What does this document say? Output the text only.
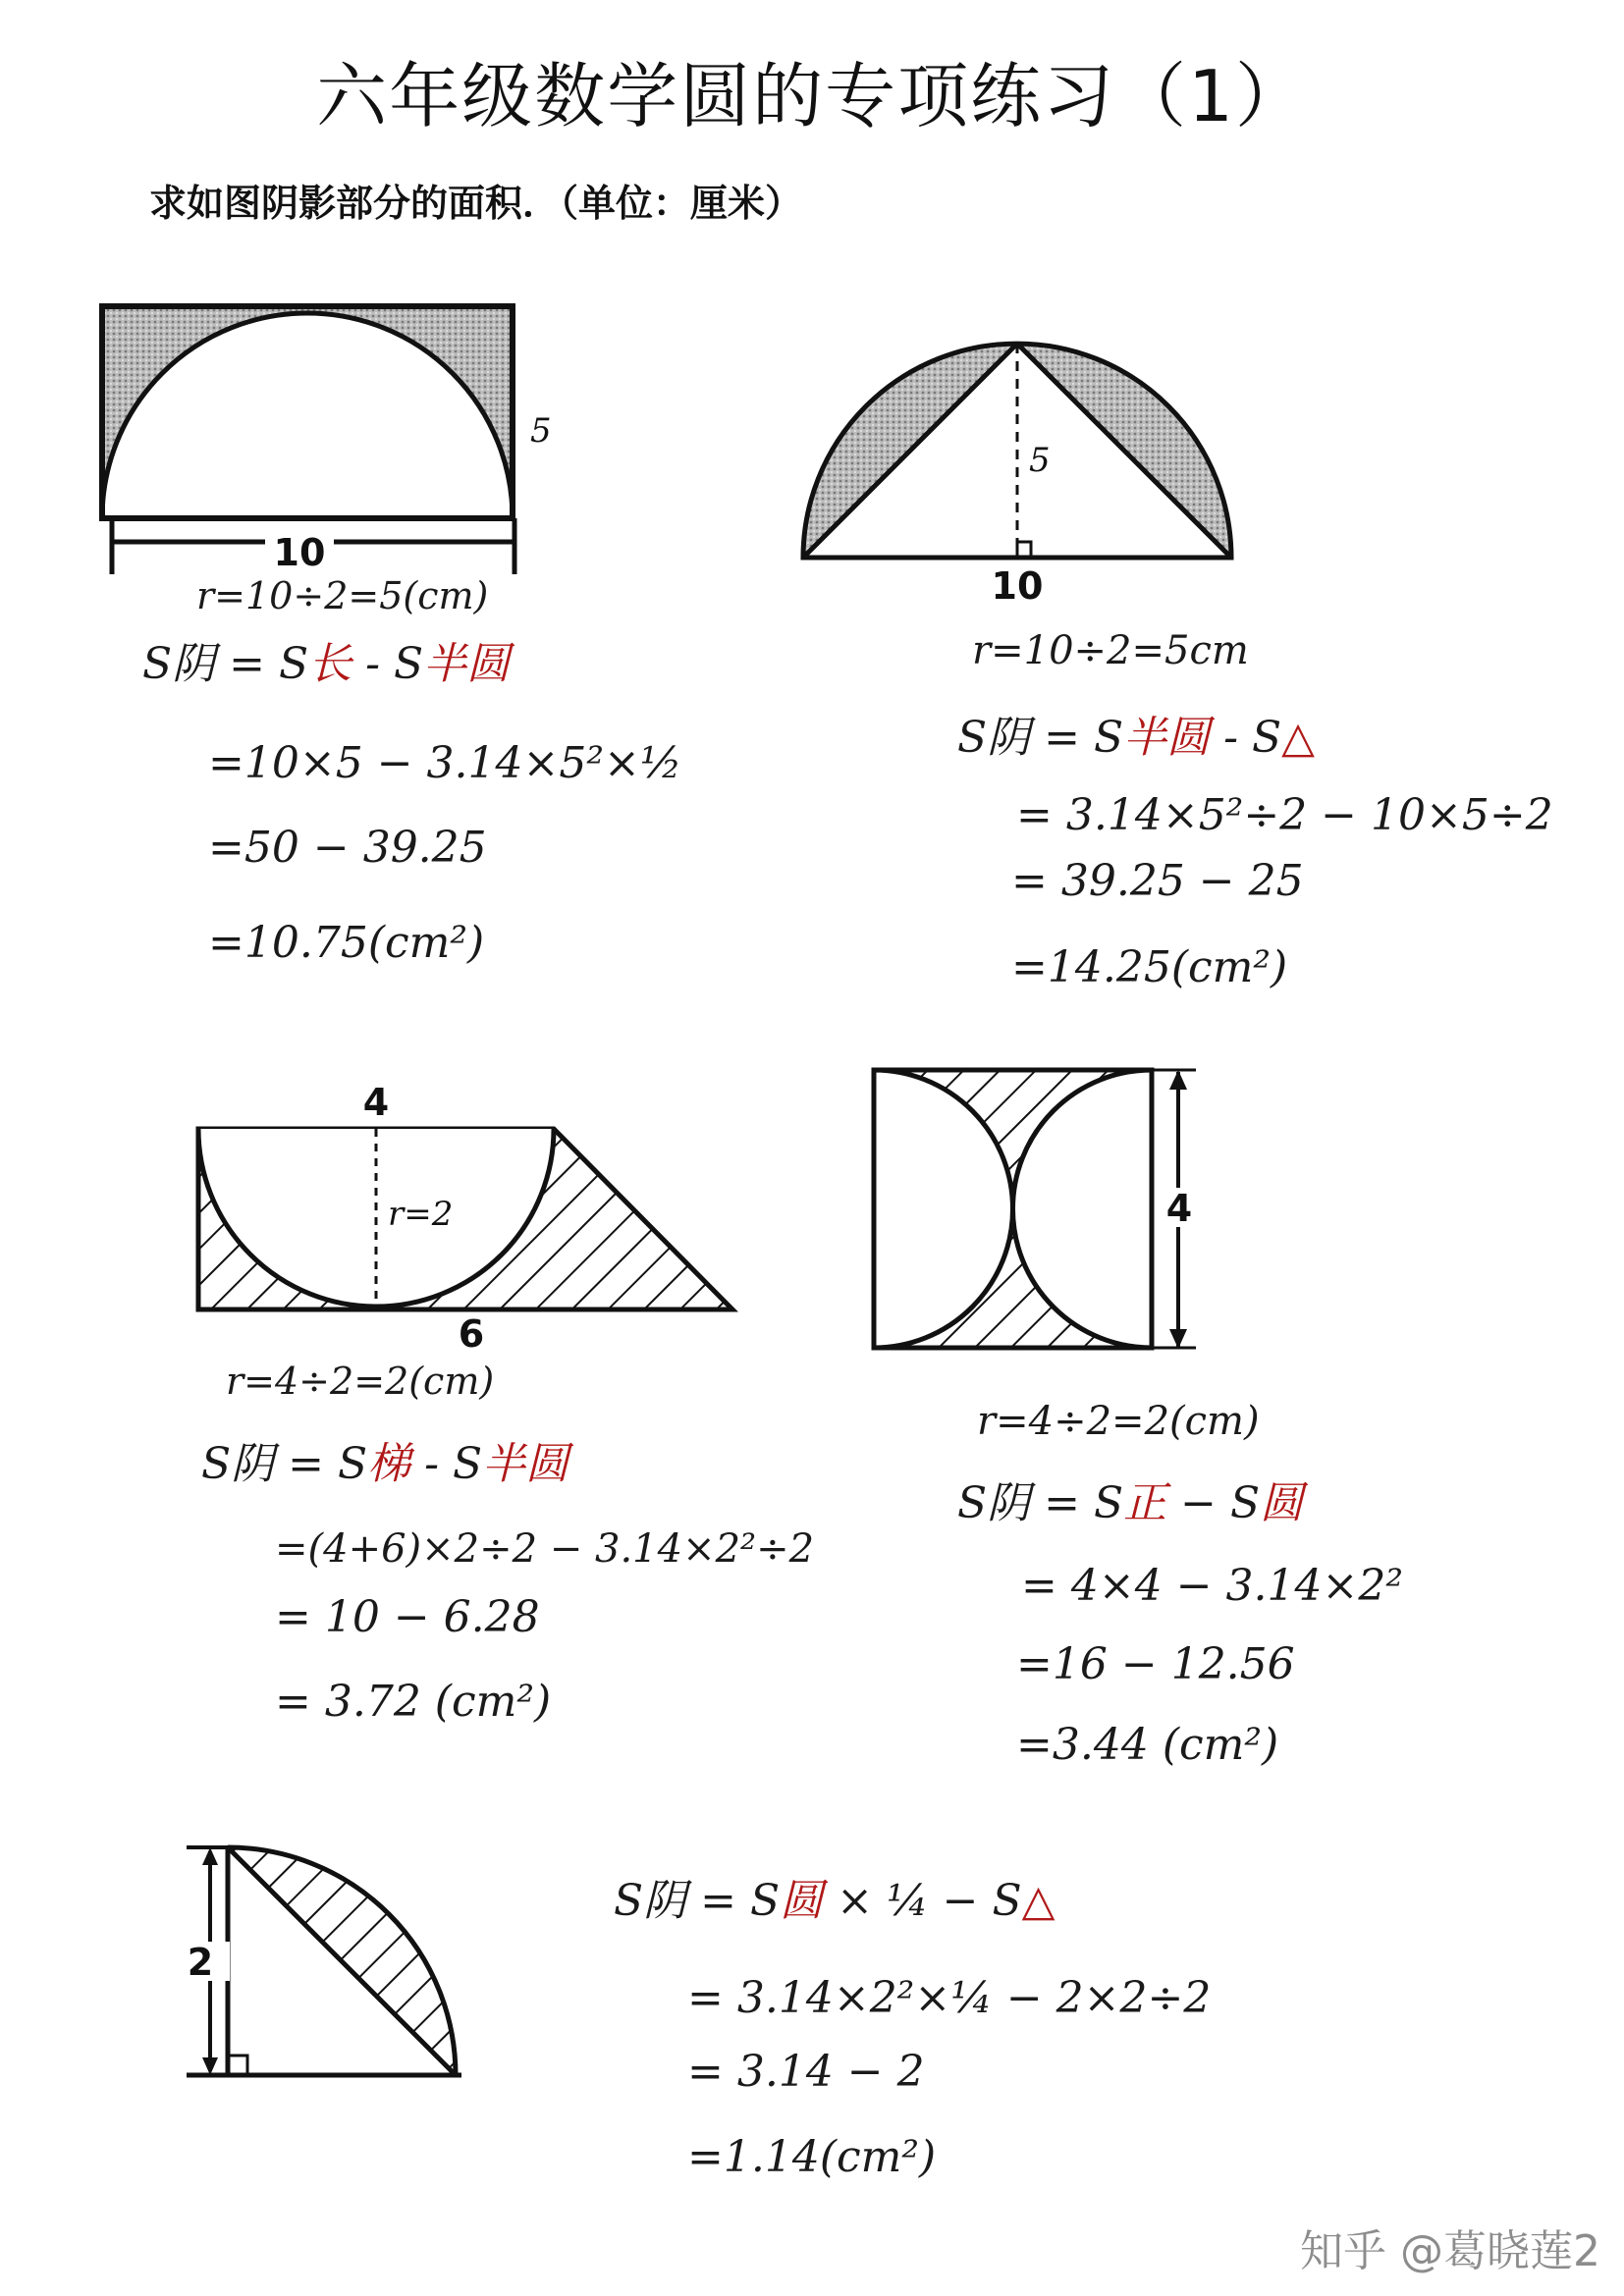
六年级数学圆的专项练习（1）
求如图阴影部分的面积．（单位：厘米）
10
5
r=10÷2=5(cm)
S阴 = S长 - S半圆
=10×5 − 3.14×5²×½
=50 − 39.25
=10.75(cm²)
5
10
r=10÷2=5cm
S阴 = S半圆 - S△
= 3.14×5²÷2 − 10×5÷2
= 39.25 − 25
=14.25(cm²)
4
r=2
6
r=4÷2=2(cm)
S阴 = S梯 - S半圆
=(4+6)×2÷2 − 3.14×2²÷2
= 10 − 6.28
= 3.72 (cm²)
4
r=4÷2=2(cm)
S阴 = S正 − S圆
= 4×4 − 3.14×2²
=16 − 12.56
=3.44 (cm²)
2
S阴 = S圆 × ¼ − S△
= 3.14×2²×¼ − 2×2÷2
= 3.14 − 2
=1.14(cm²)
知乎 @葛晓莲2
